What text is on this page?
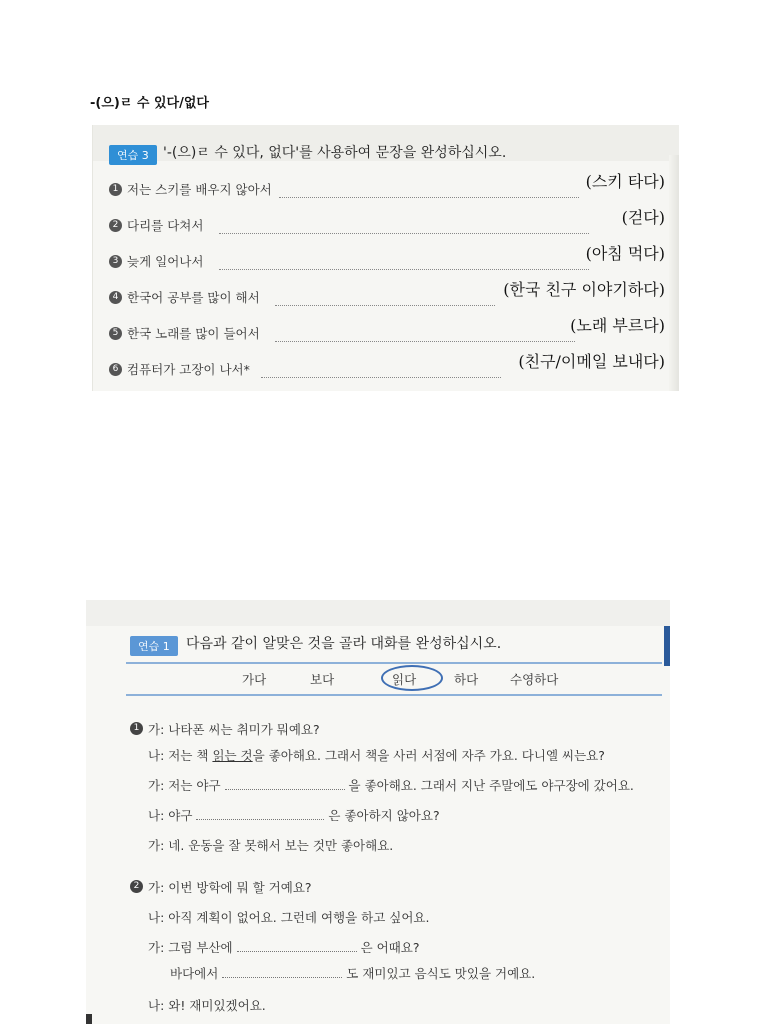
-(으)ㄹ 수 있다/없다
연습 3	'-(으)ㄹ 수 있다, 없다'를 사용하여 문장을 완성하십시오.
1 저는 스키를 배우지 않아서	(스키 타다)
2 다리를 다쳐서	(걷다)
3 늦게 일어나서	(아침 먹다)
4 한국어 공부를 많이 해서	(한국 친구 이야기하다)
5 한국 노래를 많이 들어서	(노래 부르다)
6 컴퓨터가 고장이 나서*	(친구/이메일 보내다)
연습 1	다음과 같이 알맞은 것을 골라 대화를 완성하십시오.
가다	보다	읽다	하다	수영하다
1 가: 나타폰 씨는 취미가 뭐예요?
나: 저는 책 읽는 것을 좋아해요. 그래서 책을 사러 서점에 자주 가요. 다니엘 씨는요?
가: 저는 야구	을 좋아해요. 그래서 지난 주말에도 야구장에 갔어요.
나: 야구	은 좋아하지 않아요?
가: 네. 운동을 잘 못해서 보는 것만 좋아해요.
2 가: 이번 방학에 뭐 할 거예요?
나: 아직 계획이 없어요. 그런데 여행을 하고 싶어요.
가: 그럼 부산에	은 어때요?
바다에서	도 재미있고 음식도 맛있을 거예요.
나: 와! 재미있겠어요.
